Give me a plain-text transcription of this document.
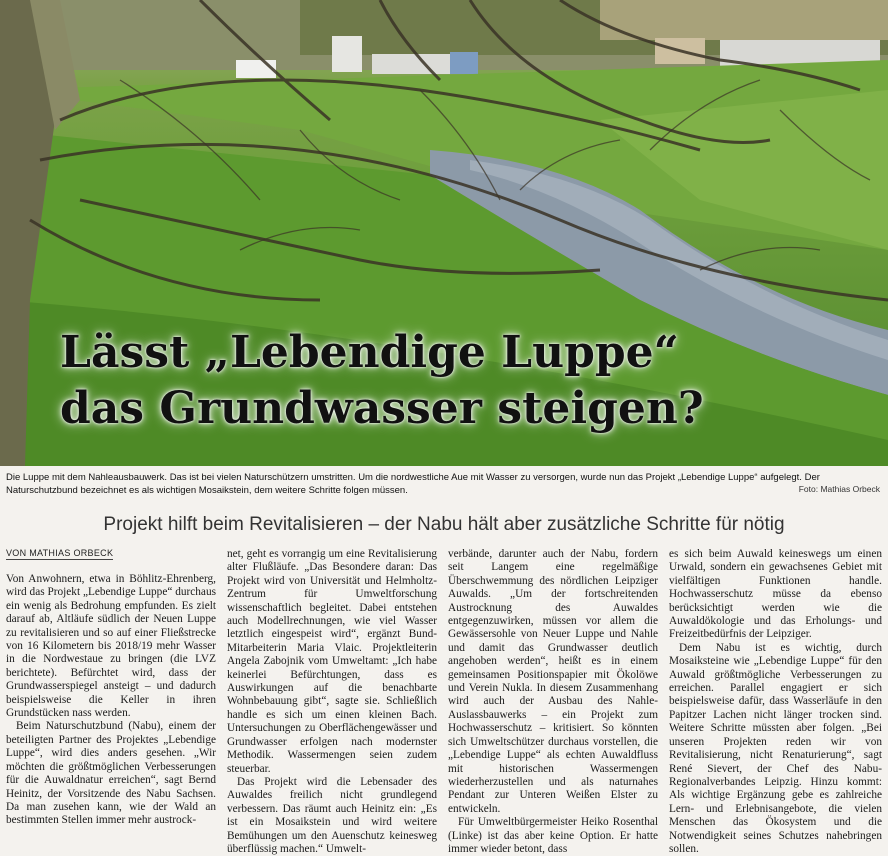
Lässt „Lebendige Luppe“
das Grundwasser steigen?
Die Luppe mit dem Nahleausbauwerk. Das ist bei vielen Naturschützern umstritten. Um die nordwestliche Aue mit Wasser zu versorgen, wurde nun das Projekt „Lebendige Luppe“ aufgelegt. Der Naturschutzbund bezeichnet es als wichtigen Mosaikstein, dem weitere Schritte folgen müssen.	Foto: Mathias Orbeck
Projekt hilft beim Revitalisieren – der Nabu hält aber zusätzliche Schritte für nötig
VON MATHIAS ORBECK

Von Anwohnern, etwa in Böhlitz-Ehrenberg, wird das Projekt „Lebendige Luppe“ durchaus ein wenig als Bedrohung empfunden. Es zielt darauf ab, Altläufe südlich der Neuen Luppe zu revitalisieren und so auf einer Fließstrecke von 16 Kilometern bis 2018/19 mehr Wasser in die Nordwestaue zu bringen (die LVZ berichtete). Befürchtet wird, dass der Grundwasserspiegel ansteigt – und dadurch beispielsweise die Keller in ihren Grundstücken nass werden.

Beim Naturschutzbund (Nabu), einem der beteiligten Partner des Projektes „Lebendige Luppe“, wird dies anders gesehen. „Wir möchten die größtmöglichen Verbesserungen für die Auwaldnatur erreichen“, sagt Bernd Heinitz, der Vorsitzende des Nabu Sachsen. Da man zusehen kann, wie der Wald an bestimmten Stellen immer mehr austrock-

net, geht es vorrangig um eine Revitalisierung alter Flußläufe. „Das Besondere daran: Das Projekt wird von Universität und Helmholtz-Zentrum für Umweltforschung wissenschaftlich begleitet. Dabei entstehen auch Modellrechnungen, wie viel Wasser letztlich eingespeist wird“, ergänzt Bund-Mitarbeiterin Maria Vlaic. Projektleiterin Angela Zabojnik vom Umweltamt: „Ich habe keinerlei Befürchtungen, dass es Auswirkungen auf die benachbarte Wohnbebauung gibt“, sagte sie. Schließlich handle es sich um einen kleinen Bach. Untersuchungen zu Oberflächengewässer und Grundwasser erfolgen nach modernster Methodik. Wassermengen seien zudem steuerbar.

Das Projekt wird die Lebensader des Auwaldes freilich nicht grundlegend verbessern. Das räumt auch Heinitz ein: „Es ist ein Mosaikstein und wird weitere Bemühungen um den Auenschutz keinesweg überflüssig machen.“ Umwelt-

verbände, darunter auch der Nabu, fordern seit Langem eine regelmäßige Überschwemmung des nördlichen Leipziger Auwalds. „Um der fortschreitenden Austrocknung des Auwaldes entgegenzuwirken, müssen vor allem die Gewässersohle von Neuer Luppe und Nahle und damit das Grundwasser deutlich angehoben werden“, heißt es in einem gemeinsamen Positionspapier mit Ökolöwe und Verein Nukla. In diesem Zusammenhang wird auch der Ausbau des Nahle-Auslassbauwerks – ein Projekt zum Hochwasserschutz – kritisiert. So könnten sich Umweltschützer durchaus vorstellen, die „Lebendige Luppe“ als echten Auwaldfluss mit historischen Wassermengen wiederherzustellen und als naturnahes Pendant zur Unteren Weißen Elster zu entwickeln.

Für Umweltbürgermeister Heiko Rosenthal (Linke) ist das aber keine Option. Er hatte immer wieder betont, dass

es sich beim Auwald keineswegs um einen Urwald, sondern ein gewachsenes Gebiet mit vielfältigen Funktionen handle. Hochwasserschutz müsse da ebenso berücksichtigt werden wie die Auwaldökologie und das Erholungs- und Freizeitbedürfnis der Leipziger.

Dem Nabu ist es wichtig, durch Mosaiksteine wie „Lebendige Luppe“ für den Auwald größtmögliche Verbesserungen zu erreichen. Parallel engagiert er sich beispielsweise dafür, dass Wasserläufe in den Papitzer Lachen nicht länger trocken sind. Weitere Schritte müssten aber folgen. „Bei unseren Projekten reden wir von Revitalisierung, nicht Renaturierung“, sagt René Sievert, der Chef des Nabu-Regionalverbandes Leipzig. Hinzu kommt: Als wichtige Ergänzung gebe es zahlreiche Lern- und Erlebnisangebote, die vielen Menschen das Ökosystem und die Notwendigkeit seines Schutzes nahebringen sollen.
